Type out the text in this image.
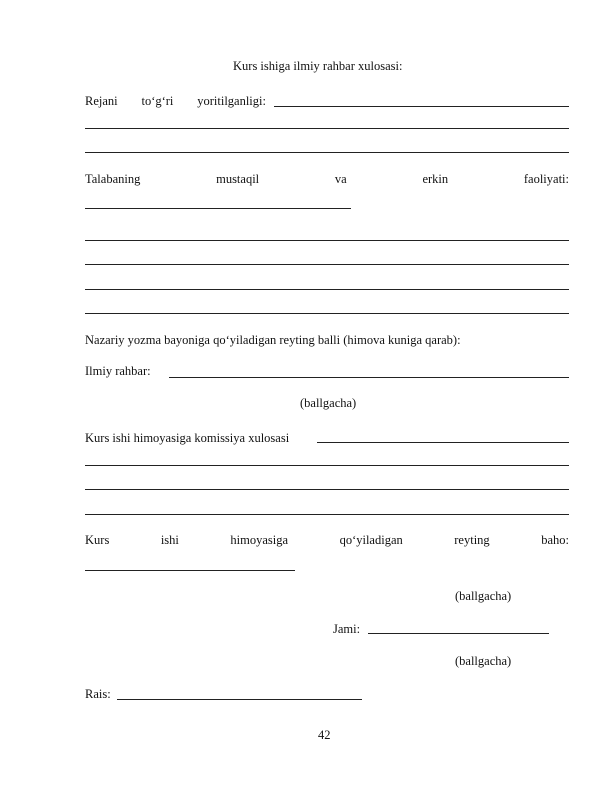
Kurs ishiga ilmiy rahbar xulosasi:
Rejani toʻgʻri yoritilganligi:
Talabaning	mustaqil	va	erkin	faoliyati:
Nazariy yozma bayoniga qoʻyiladigan reyting balli (himova kuniga qarab):
Ilmiy rahbar:
(ballgacha)
Kurs ishi himoyasiga komissiya xulosasi
Kurs	ishi	himoyasiga	qoʻyiladigan	reyting	baho:
(ballgacha)
Jami:
(ballgacha)
Rais:
42
